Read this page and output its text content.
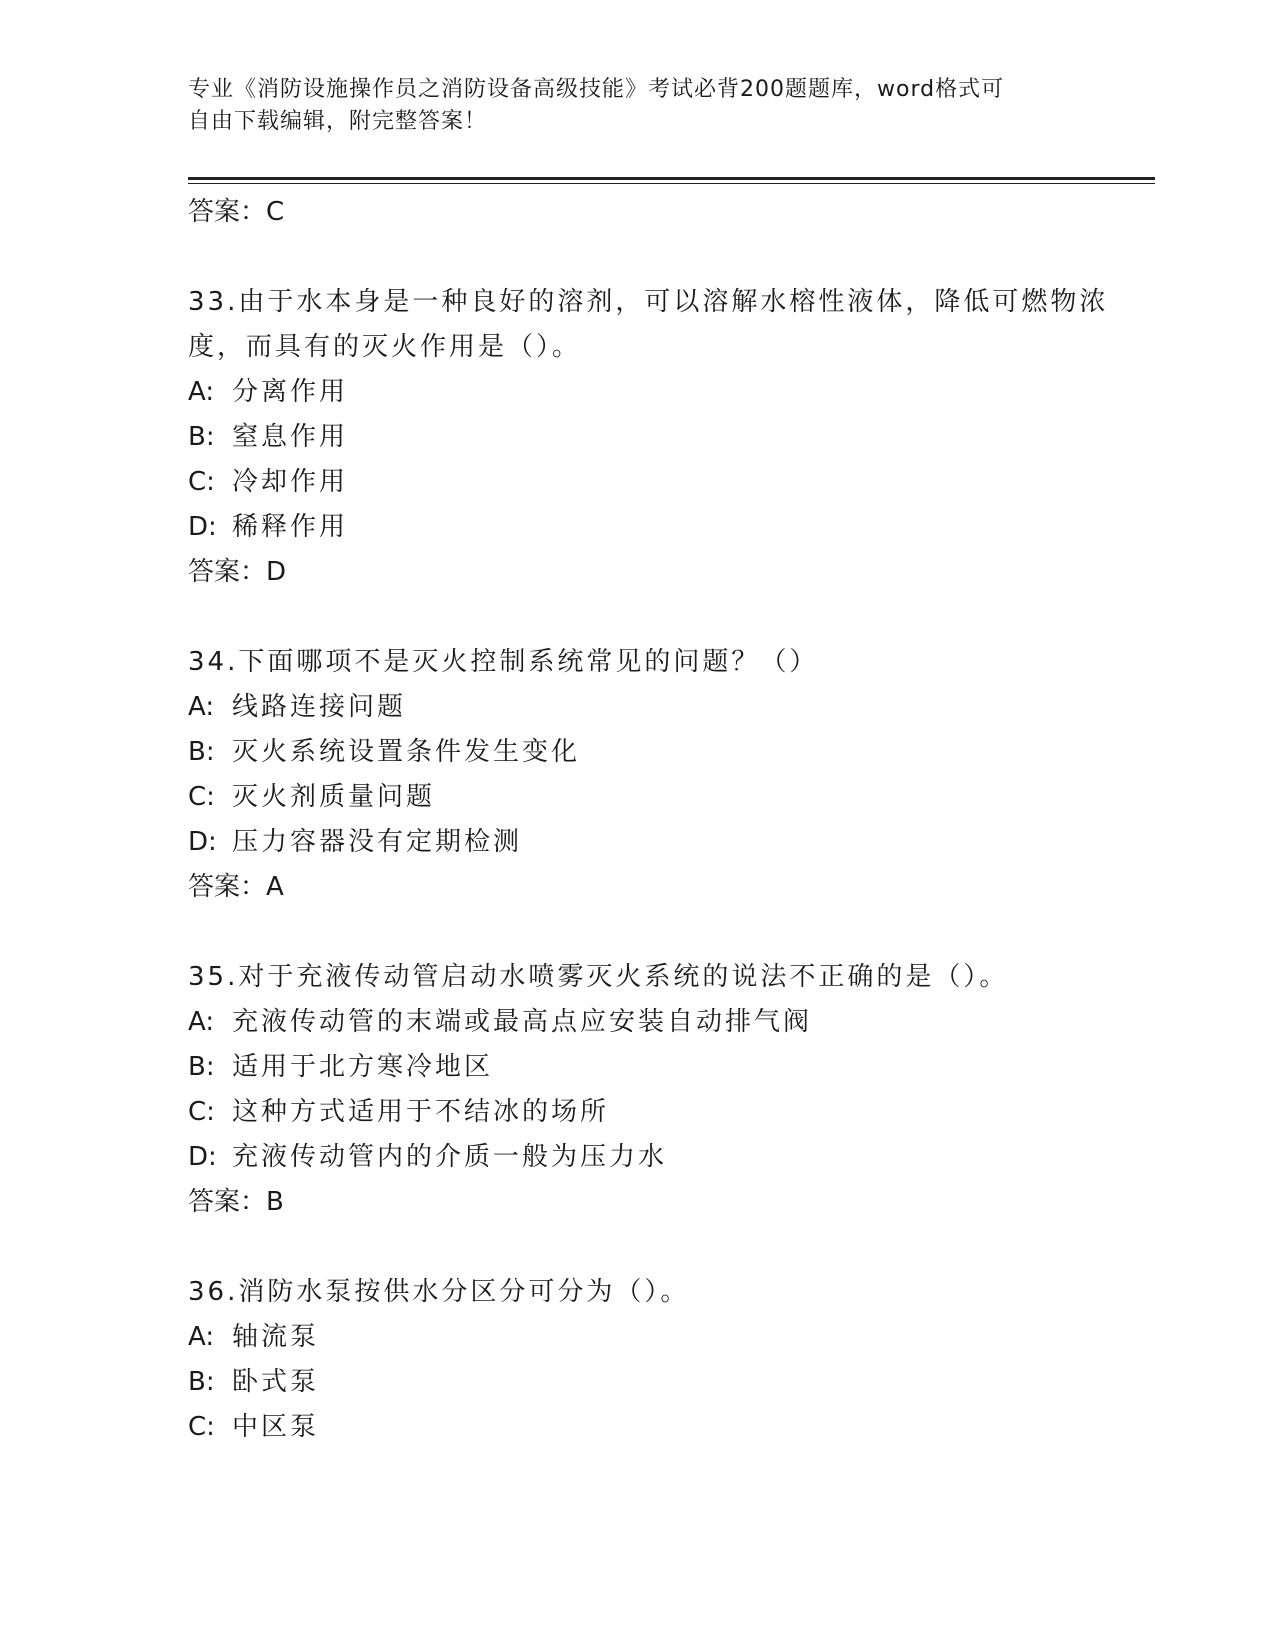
专业《消防设施操作员之消防设备高级技能》考试必背200题题库，word格式可
自由下载编辑，附完整答案！
答案：C
33.由于水本身是一种良好的溶剂，可以溶解水榕性液体，降低可燃物浓度，而具有的灭火作用是（）。
A: 分离作用
B: 窒息作用
C: 冷却作用
D: 稀释作用
答案：D
34.下面哪项不是灭火控制系统常见的问题？（）
A: 线路连接问题
B: 灭火系统设置条件发生变化
C: 灭火剂质量问题
D: 压力容器没有定期检测
答案：A
35.对于充液传动管启动水喷雾灭火系统的说法不正确的是（）。
A: 充液传动管的末端或最高点应安装自动排气阀
B: 适用于北方寒冷地区
C: 这种方式适用于不结冰的场所
D: 充液传动管内的介质一般为压力水
答案：B
36.消防水泵按供水分区分可分为（）。
A: 轴流泵
B: 卧式泵
C: 中区泵
